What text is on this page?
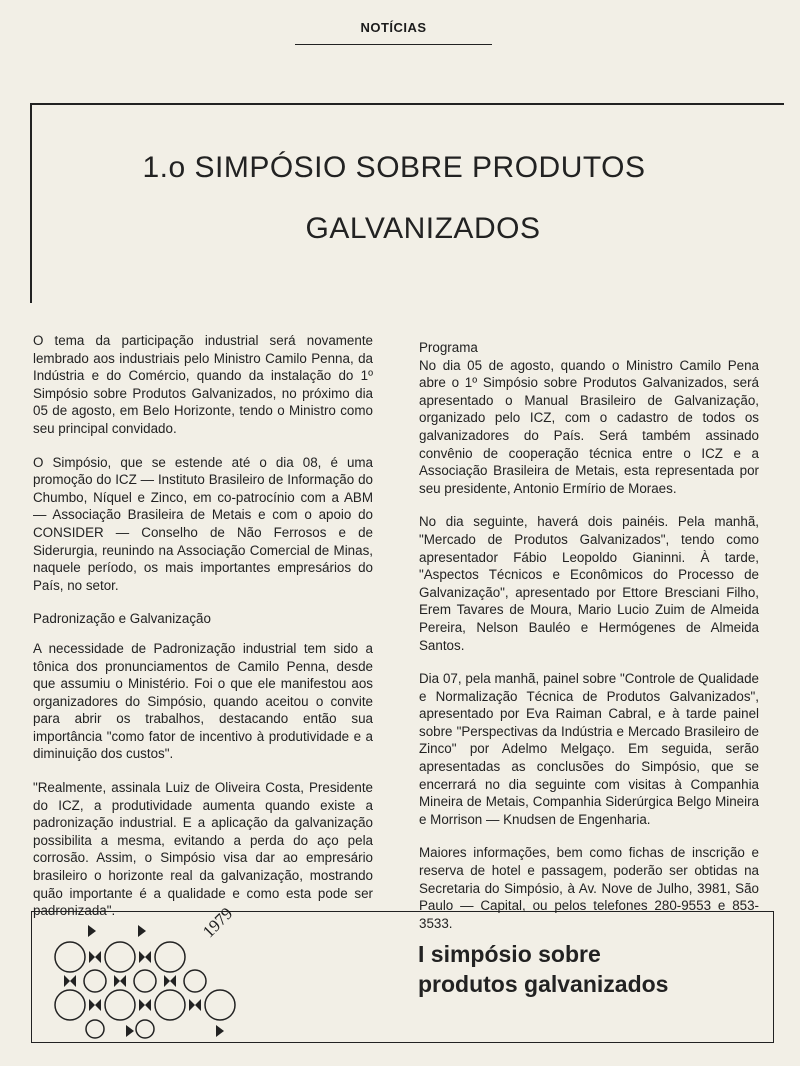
NOTÍCIAS
1.o SIMPÓSIO SOBRE PRODUTOS
GALVANIZADOS

O tema da participação industrial será novamente lembrado aos industriais pelo Ministro Camilo Penna, da Indústria e do Comércio, quando da instalação do 1º Simpósio sobre Produtos Galvanizados, no próximo dia 05 de agosto, em Belo Horizonte, tendo o Ministro como seu principal convidado.

O Simpósio, que se estende até o dia 08, é uma promoção do ICZ — Instituto Brasileiro de Informação do Chumbo, Níquel e Zinco, em co-patrocínio com a ABM — Associação Brasileira de Metais e com o apoio do CONSIDER — Conselho de Não Ferrosos e de Siderurgia, reunindo na Associação Comercial de Minas, naquele período, os mais importantes empresários do País, no setor.

Padronização e Galvanização

A necessidade de Padronização industrial tem sido a tônica dos pronunciamentos de Camilo Penna, desde que assumiu o Ministério. Foi o que ele manifestou aos organizadores do Simpósio, quando aceitou o convite para abrir os trabalhos, destacando então sua importância "como fator de incentivo à produtividade e a diminuição dos custos".

"Realmente, assinala Luiz de Oliveira Costa, Presidente do ICZ, a produtividade aumenta quando existe a padronização industrial. E a aplicação da galvanização possibilita a mesma, evitando a perda do aço pela corrosão. Assim, o Simpósio visa dar ao empresário brasileiro o horizonte real da galvanização, mostrando quão importante é a qualidade e como esta pode ser padronizada".

Programa

No dia 05 de agosto, quando o Ministro Camilo Pena abre o 1º Simpósio sobre Produtos Galvanizados, será apresentado o Manual Brasileiro de Galvanização, organizado pelo ICZ, com o cadastro de todos os galvanizadores do País. Será também assinado convênio de cooperação técnica entre o ICZ e a Associação Brasileira de Metais, esta representada por seu presidente, Antonio Ermírio de Moraes.

No dia seguinte, haverá dois painéis. Pela manhã, "Mercado de Produtos Galvanizados", tendo como apresentador Fábio Leopoldo Gianinni. À tarde, "Aspectos Técnicos e Econômicos do Processo de Galvanização", apresentado por Ettore Bresciani Filho, Erem Tavares de Moura, Mario Lucio Zuim de Almeida Pereira, Nelson Bauléo e Hermógenes de Almeida Santos.

Dia 07, pela manhã, painel sobre "Controle de Qualidade e Normalização Técnica de Produtos Galvanizados", apresentado por Eva Raiman Cabral, e à tarde painel sobre "Perspectivas da Indústria e Mercado Brasileiro de Zinco" por Adelmo Melgaço. Em seguida, serão apresentadas as conclusões do Simpósio, que se encerrará no dia seguinte com visitas à Companhia Mineira de Metais, Companhia Siderúrgica Belgo Mineira e Morrison — Knudsen de Engenharia.

Maiores informações, bem como fichas de inscrição e reserva de hotel e passagem, poderão ser obtidas na Secretaria do Simpósio, à Av. Nove de Julho, 3981, São Paulo — Capital, ou pelos telefones 280-9553 e 853-3533.

I simpósio sobre
produtos galvanizados
1979
